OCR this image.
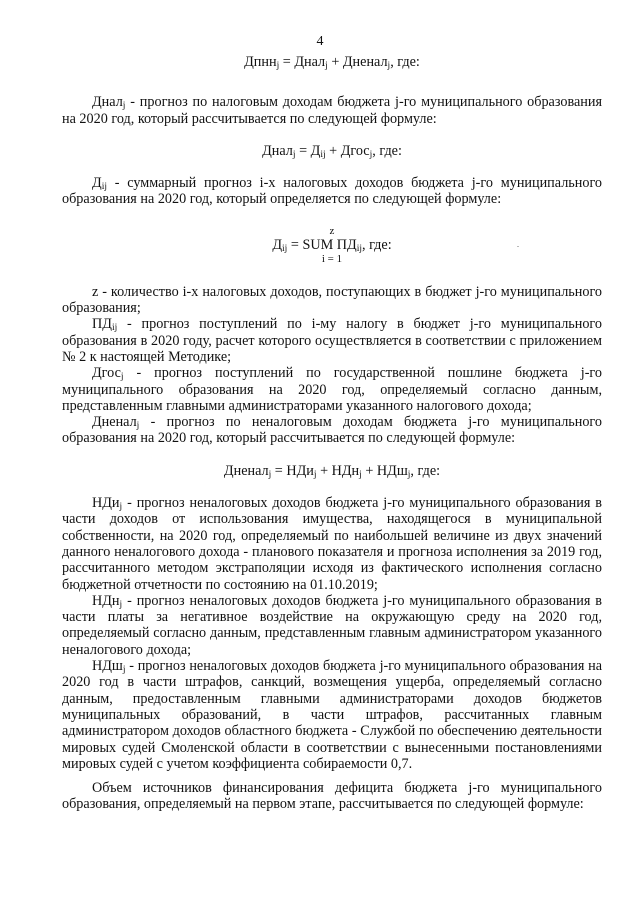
4

Дпнн$_j$ = Днал$_j$ + Дненал$_j$, где:

Днал$_j$ - прогноз по налоговым доходам бюджета j-го муниципального образования на 2020 год, который рассчитывается по следующей формуле:

Днал$_j$ = $Д_{ij}$ + Дгос$_j$, где:

$Д_{ij}$ - суммарный прогноз i-х налоговых доходов бюджета j-го муниципального образования на 2020 год, который определяется по следующей формуле:

z
$Д_{ij}$ = SUM $ПД_{ij}$, где:
i = 1

z - количество i-х налоговых доходов, поступающих в бюджет j-го муниципального образования;

$ПД_{ij}$ - прогноз поступлений по i-му налогу в бюджет j-го муниципального образования в 2020 году, расчет которого осуществляется в соответствии с приложением № 2 к настоящей Методике;

Дгос$_j$ - прогноз поступлений по государственной пошлине бюджета j-го муниципального образования на 2020 год, определяемый согласно данным, представленным главными администраторами указанного налогового дохода;

Дненал$_j$ - прогноз по неналоговым доходам бюджета j-го муниципального образования на 2020 год, который рассчитывается по следующей формуле:

Дненал$_j$ = НДи$_j$ + НДн$_j$ + НДш$_j$, где:

НДи$_j$ - прогноз неналоговых доходов бюджета j-го муниципального образования в части доходов от использования имущества, находящегося в муниципальной собственности, на 2020 год, определяемый по наибольшей величине из двух значений данного неналогового дохода - планового показателя и прогноза исполнения за 2019 год, рассчитанного методом экстраполяции исходя из фактического исполнения согласно бюджетной отчетности по состоянию на 01.10.2019;

НДн$_j$ - прогноз неналоговых доходов бюджета j-го муниципального образования в части платы за негативное воздействие на окружающую среду на 2020 год, определяемый согласно данным, представленным главным администратором указанного неналогового дохода;

НДш$_j$ - прогноз неналоговых доходов бюджета j-го муниципального образования на 2020 год в части штрафов, санкций, возмещения ущерба, определяемый согласно данным, предоставленным главными администраторами доходов бюджетов муниципальных образований, в части штрафов, рассчитанных главным администратором доходов областного бюджета - Службой по обеспечению деятельности мировых судей Смоленской области в соответствии с вынесенными постановлениями мировых судей с учетом коэффициента собираемости 0,7.

Объем источников финансирования дефицита бюджета j-го муниципального образования, определяемый на первом этапе, рассчитывается по следующей формуле:
